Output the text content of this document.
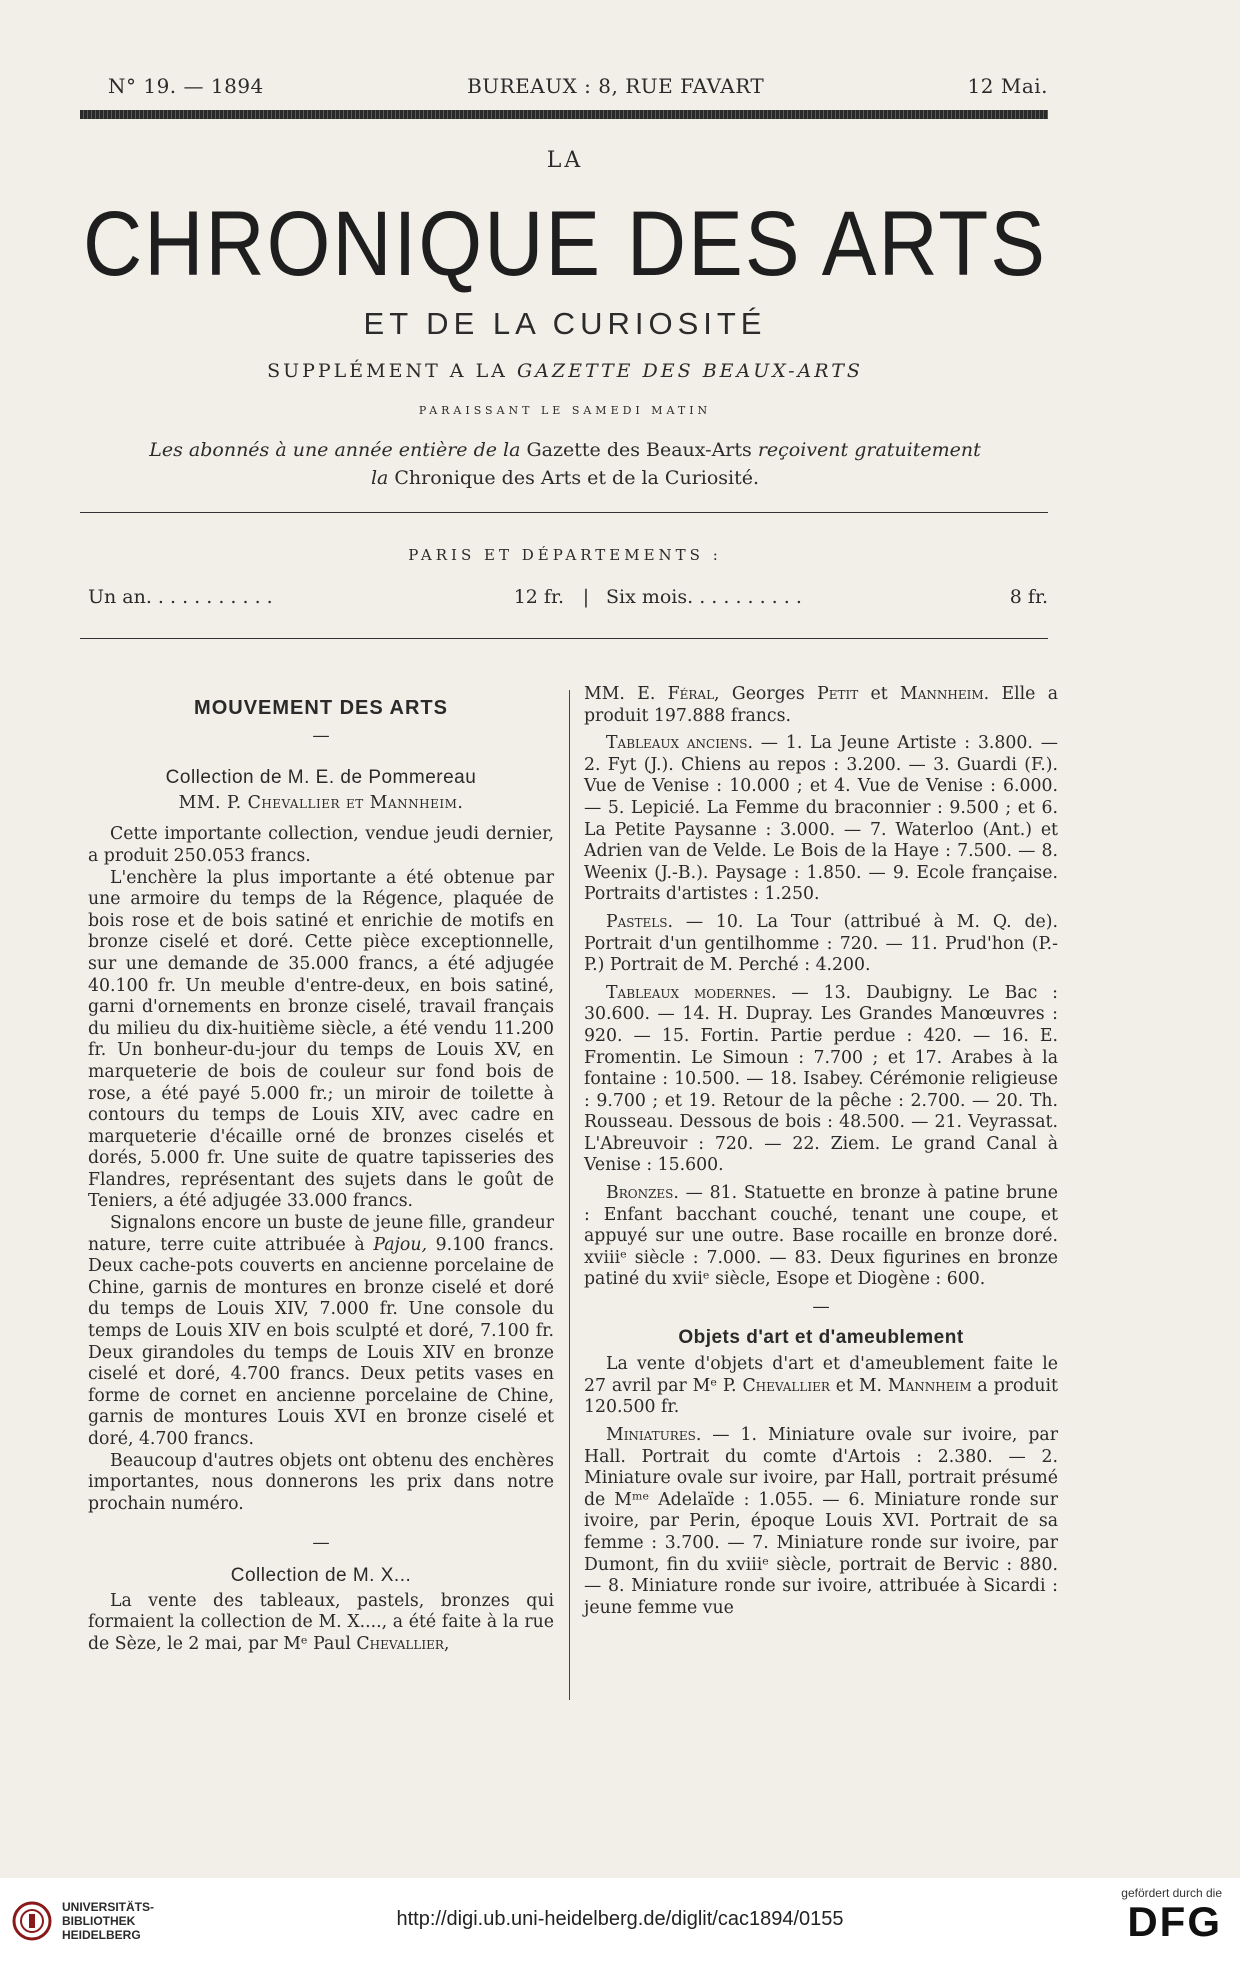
N° 19. — 1894	BUREAUX : 8, RUE FAVART	12 Mai.
LA
CHRONIQUE DES ARTS
ET DE LA CURIOSITÉ
SUPPLÉMENT A LA GAZETTE DES BEAUX-ARTS
PARAISSANT LE SAMEDI MATIN
Les abonnés à une année entière de la Gazette des Beaux-Arts reçoivent gratuitement
la Chronique des Arts et de la Curiosité.
PARIS ET DÉPARTEMENTS :
Un an. . . . . . . . . . .	12 fr. | Six mois. . . . . . . . . .	8 fr.
MOUVEMENT DES ARTS
—
Collection de M. E. de Pommereau
MM. P. Chevallier et Mannheim.

Cette importante collection, vendue jeudi dernier, a produit 250.053 francs.

L'enchère la plus importante a été obtenue par une armoire du temps de la Régence, plaquée de bois rose et de bois satiné et enrichie de motifs en bronze ciselé et doré. Cette pièce exceptionnelle, sur une demande de 35.000 francs, a été adjugée 40.100 fr. Un meuble d'entre-deux, en bois satiné, garni d'ornements en bronze ciselé, travail français du milieu du dix-huitième siècle, a été vendu 11.200 fr. Un bonheur-du-jour du temps de Louis XV, en marqueterie de bois de couleur sur fond bois de rose, a été payé 5.000 fr.; un miroir de toilette à contours du temps de Louis XIV, avec cadre en marqueterie d'écaille orné de bronzes ciselés et dorés, 5.000 fr. Une suite de quatre tapisseries des Flandres, représentant des sujets dans le goût de Teniers, a été adjugée 33.000 francs.

Signalons encore un buste de jeune fille, grandeur nature, terre cuite attribuée à Pajou, 9.100 francs. Deux cache-pots couverts en ancienne porcelaine de Chine, garnis de montures en bronze ciselé et doré du temps de Louis XIV, 7.000 fr. Une console du temps de Louis XIV en bois sculpté et doré, 7.100 fr. Deux girandoles du temps de Louis XIV en bronze ciselé et doré, 4.700 francs. Deux petits vases en forme de cornet en ancienne porcelaine de Chine, garnis de montures Louis XVI en bronze ciselé et doré, 4.700 francs.

Beaucoup d'autres objets ont obtenu des enchères importantes, nous donnerons les prix dans notre prochain numéro.

—
Collection de M. X...

La vente des tableaux, pastels, bronzes qui formaient la collection de M. X...., a été faite à la rue de Sèze, le 2 mai, par Mᵉ Paul Chevallier,

MM. E. Féral, Georges Petit et Mannheim. Elle a produit 197.888 francs.

Tableaux anciens. — 1. La Jeune Artiste : 3.800. — 2. Fyt (J.). Chiens au repos : 3.200. — 3. Guardi (F.). Vue de Venise : 10.000 ; et 4. Vue de Venise : 6.000. — 5. Lepicié. La Femme du braconnier : 9.500 ; et 6. La Petite Paysanne : 3.000. — 7. Waterloo (Ant.) et Adrien van de Velde. Le Bois de la Haye : 7.500. — 8. Weenix (J.-B.). Paysage : 1.850. — 9. Ecole française. Portraits d'artistes : 1.250.

Pastels. — 10. La Tour (attribué à M. Q. de). Portrait d'un gentilhomme : 720. — 11. Prud'hon (P.-P.) Portrait de M. Perché : 4.200.

Tableaux modernes. — 13. Daubigny. Le Bac : 30.600. — 14. H. Dupray. Les Grandes Manœuvres : 920. — 15. Fortin. Partie perdue : 420. — 16. E. Fromentin. Le Simoun : 7.700 ; et 17. Arabes à la fontaine : 10.500. — 18. Isabey. Cérémonie religieuse : 9.700 ; et 19. Retour de la pêche : 2.700. — 20. Th. Rousseau. Dessous de bois : 48.500. — 21. Veyrassat. L'Abreuvoir : 720. — 22. Ziem. Le grand Canal à Venise : 15.600.

Bronzes. — 81. Statuette en bronze à patine brune : Enfant bacchant couché, tenant une coupe, et appuyé sur une outre. Base rocaille en bronze doré. xviiiᵉ siècle : 7.000. — 83. Deux figurines en bronze patiné du xviiᵉ siècle, Esope et Diogène : 600.

—
Objets d'art et d'ameublement

La vente d'objets d'art et d'ameublement faite le 27 avril par Mᵉ P. Chevallier et M. Mannheim a produit 120.500 fr.

Miniatures. — 1. Miniature ovale sur ivoire, par Hall. Portrait du comte d'Artois : 2.380. — 2. Miniature ovale sur ivoire, par Hall, portrait présumé de Mᵐᵉ Adelaïde : 1.055. — 6. Miniature ronde sur ivoire, par Perin, époque Louis XVI. Portrait de sa femme : 3.700. — 7. Miniature ronde sur ivoire, par Dumont, fin du xviiiᵉ siècle, portrait de Bervic : 880. — 8. Miniature ronde sur ivoire, attribuée à Sicardi : jeune femme vue

UNIVERSITÄTS-
BIBLIOTHEK
HEIDELBERG
http://digi.ub.uni-heidelberg.de/diglit/cac1894/0155
gefördert durch die
DFG
